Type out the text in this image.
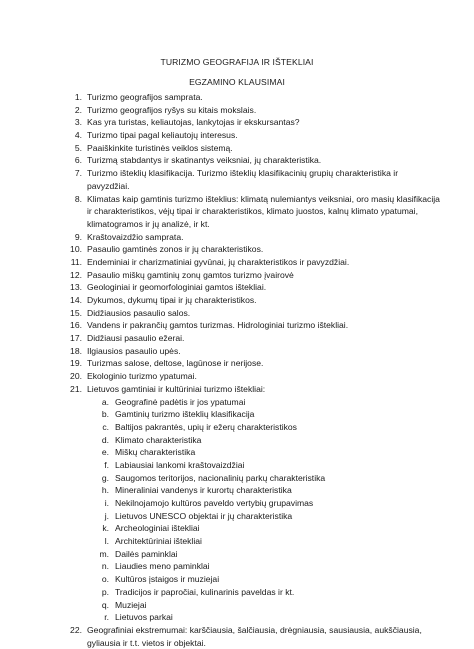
TURIZMO GEOGRAFIJA IR IŠTEKLIAI
EGZAMINO KLAUSIMAI
1. Turizmo geografijos samprata.
2. Turizmo geografijos ryšys su kitais mokslais.
3. Kas yra turistas, keliautojas, lankytojas ir ekskursantas?
4. Turizmo tipai pagal keliautojų interesus.
5. Paaiškinkite turistinės veiklos sistemą.
6. Turizmą stabdantys ir skatinantys veiksniai, jų charakteristika.
7. Turizmo išteklių klasifikacija. Turizmo išteklių klasifikacinių grupių charakteristika ir
pavyzdžiai.
8. Klimatas kaip gamtinis turizmo išteklius: klimatą nulemiantys veiksniai, oro masių klasifikacija
ir charakteristikos, vėjų tipai ir charakteristikos, klimato juostos, kalnų klimato ypatumai,
klimatogramos ir jų analizė, ir kt.
9. Kraštovaizdžio samprata.
10. Pasaulio gamtinės zonos ir jų charakteristikos.
11. Endeminiai ir charizmatiniai gyvūnai, jų charakteristikos ir pavyzdžiai.
12. Pasaulio miškų gamtinių zonų gamtos turizmo įvairovė
13. Geologiniai ir geomorfologiniai gamtos ištekliai.
14. Dykumos, dykumų tipai ir jų charakteristikos.
15. Didžiausios pasaulio salos.
16. Vandens ir pakrančių gamtos turizmas. Hidrologiniai turizmo ištekliai.
17. Didžiausi pasaulio ežerai.
18. Ilgiausios pasaulio upės.
19. Turizmas salose, deltose, lagūnose ir nerijose.
20. Ekologinio turizmo ypatumai.
21. Lietuvos gamtiniai ir kultūriniai turizmo ištekliai:
a. Geografinė padėtis ir jos ypatumai
b. Gamtinių turizmo išteklių klasifikacija
c. Baltijos pakrantės, upių ir ežerų charakteristikos
d. Klimato charakteristika
e. Miškų charakteristika
f. Labiausiai lankomi kraštovaizdžiai
g. Saugomos teritorijos, nacionalinių parkų charakteristika
h. Mineraliniai vandenys ir kurortų charakteristika
i. Nekilnojamojo kultūros paveldo vertybių grupavimas
j. Lietuvos UNESCO objektai ir jų charakteristika
k. Archeologiniai ištekliai
l. Architektūriniai ištekliai
m. Dailės paminklai
n. Liaudies meno paminklai
o. Kultūros įstaigos ir muziejai
p. Tradicijos ir papročiai, kulinarinis paveldas ir kt.
q. Muziejai
r. Lietuvos parkai
22. Geografiniai ekstremumai: karščiausia, šalčiausia, drėgniausia, sausiausia, aukščiausia,
gyliausia ir t.t. vietos ir objektai.
